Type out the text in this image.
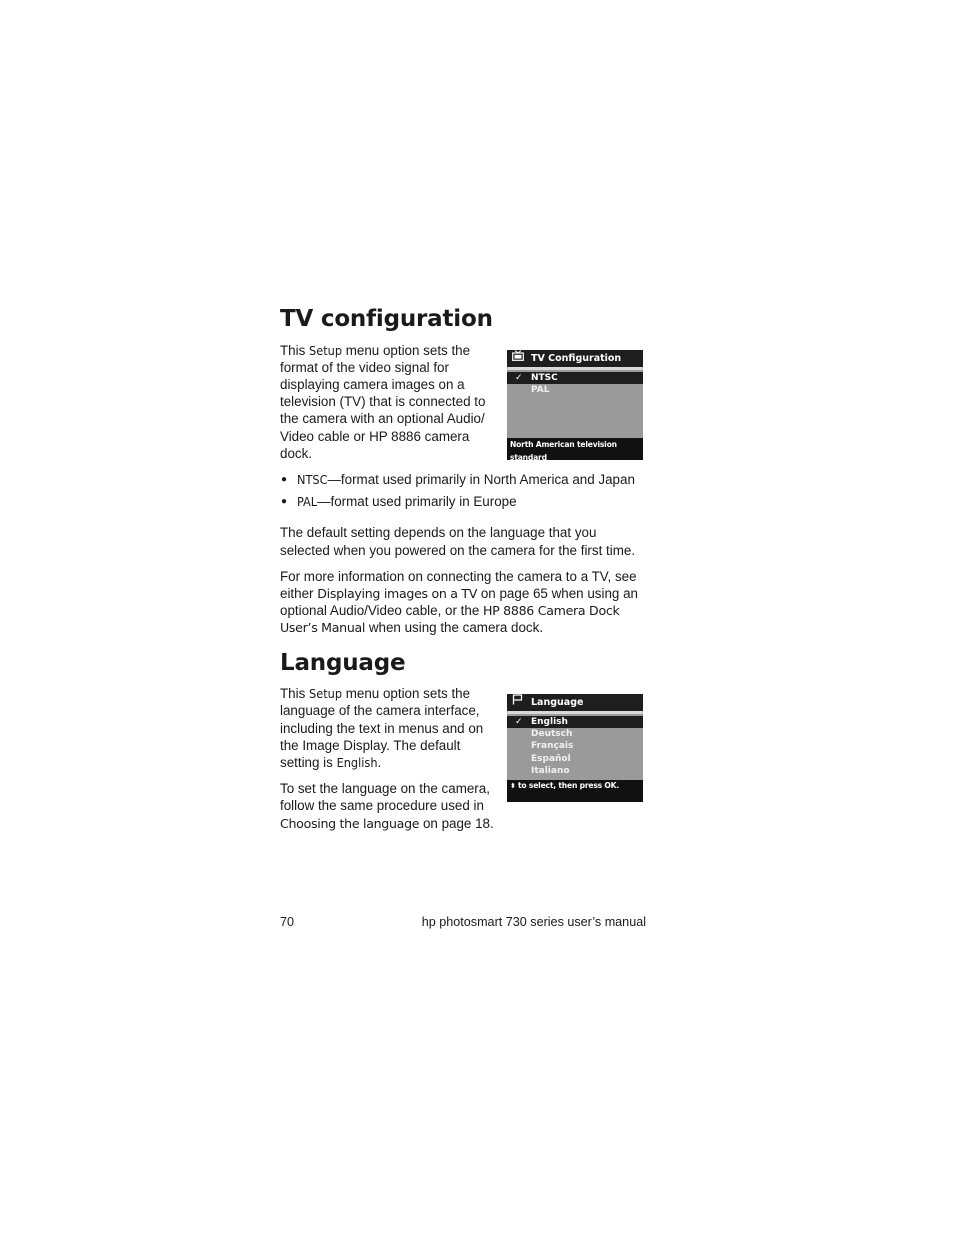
TV configuration
TV Configuration
✓ NTSC
PAL
North American television standard

This Setup menu option sets the format of the video signal for displaying camera images on a television (TV) that is connected to the camera with an optional Audio/ Video cable or HP 8886 camera dock.

● NTSC—format used primarily in North America and Japan
● PAL—format used primarily in Europe

The default setting depends on the language that you selected when you powered on the camera for the first time.

For more information on connecting the camera to a TV, see either Displaying images on a TV on page 65 when using an optional Audio/Video cable, or the HP 8886 Camera Dock User’s Manual when using the camera dock.

Language
Language
✓ English
Deutsch
Français
Español
Italiano
⬍ to select, then press OK.

This Setup menu option sets the language of the camera interface, including the text in menus and on the Image Display. The default setting is English.

To set the language on the camera, follow the same procedure used in Choosing the language on page 18.

70	hp photosmart 730 series user’s manual
